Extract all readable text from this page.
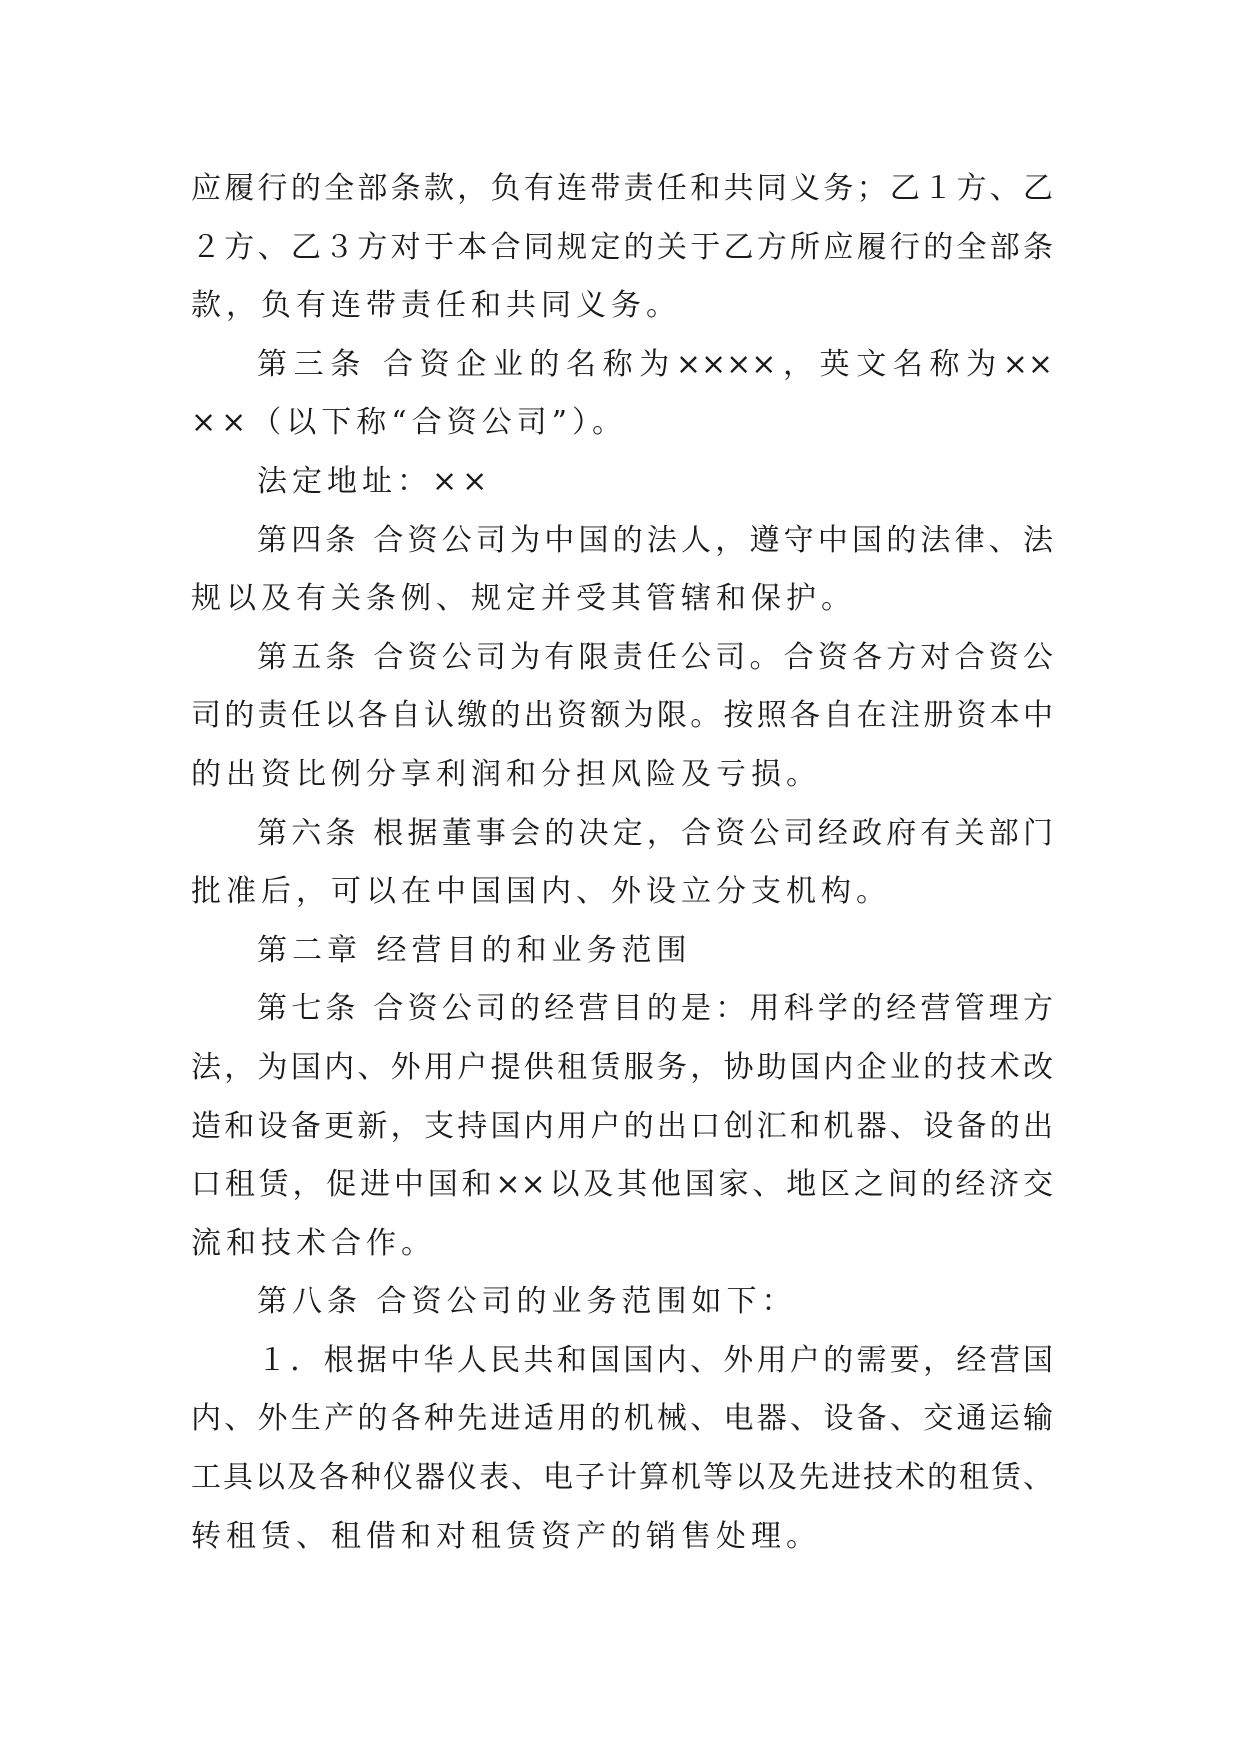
应履行的全部条款，负有连带责任和共同义务；乙１方、乙
２方、乙３方对于本合同规定的关于乙方所应履行的全部条
款，负有连带责任和共同义务。
第三条 合资企业的名称为××××，英文名称为××
××（以下称“合资公司”）。
法定地址：××
第四条 合资公司为中国的法人，遵守中国的法律、法
规以及有关条例、规定并受其管辖和保护。
第五条 合资公司为有限责任公司。合资各方对合资公
司的责任以各自认缴的出资额为限。按照各自在注册资本中
的出资比例分享利润和分担风险及亏损。
第六条 根据董事会的决定，合资公司经政府有关部门
批准后，可以在中国国内、外设立分支机构。
第二章 经营目的和业务范围
第七条 合资公司的经营目的是：用科学的经营管理方
法，为国内、外用户提供租赁服务，协助国内企业的技术改
造和设备更新，支持国内用户的出口创汇和机器、设备的出
口租赁，促进中国和××以及其他国家、地区之间的经济交
流和技术合作。
第八条 合资公司的业务范围如下：
１．根据中华人民共和国国内、外用户的需要，经营国
内、外生产的各种先进适用的机械、电器、设备、交通运输
工具以及各种仪器仪表、电子计算机等以及先进技术的租赁、
转租赁、租借和对租赁资产的销售处理。
